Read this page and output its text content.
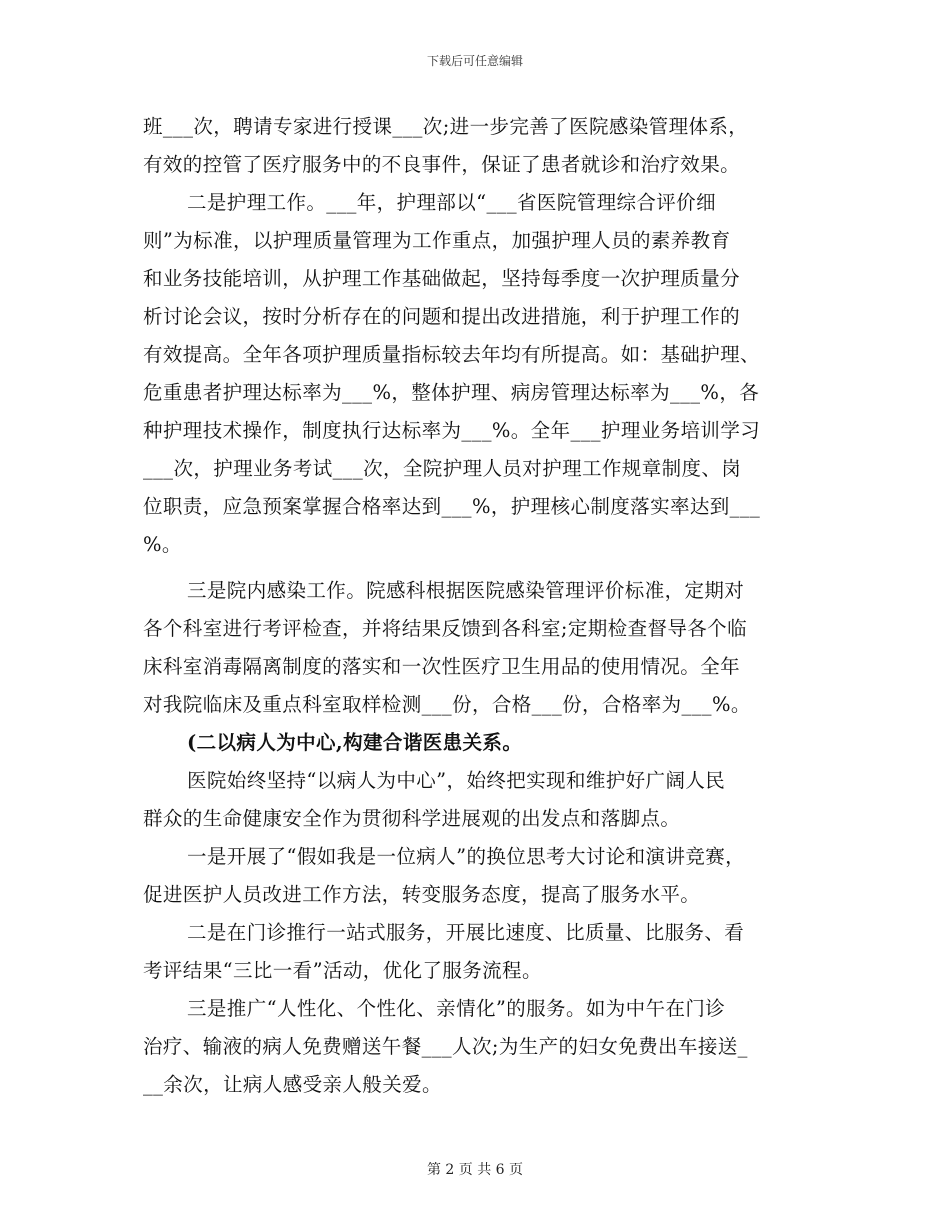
下载后可任意编辑
班___次，聘请专家进行授课___次;进一步完善了医院感染管理体系，
有效的控管了医疗服务中的不良事件，保证了患者就诊和治疗效果。
二是护理工作。___年，护理部以“___省医院管理综合评价细
则”为标准，以护理质量管理为工作重点，加强护理人员的素养教育
和业务技能培训，从护理工作基础做起，坚持每季度一次护理质量分
析讨论会议，按时分析存在的问题和提出改进措施，利于护理工作的
有效提高。全年各项护理质量指标较去年均有所提高。如：基础护理、
危重患者护理达标率为___%，整体护理、病房管理达标率为___%，各
种护理技术操作，制度执行达标率为___%。全年___护理业务培训学习
___次，护理业务考试___次，全院护理人员对护理工作规章制度、岗
位职责，应急预案掌握合格率达到___%，护理核心制度落实率达到___
%。
三是院内感染工作。院感科根据医院感染管理评价标准，定期对
各个科室进行考评检查，并将结果反馈到各科室;定期检查督导各个临
床科室消毒隔离制度的落实和一次性医疗卫生用品的使用情况。全年
对我院临床及重点科室取样检测___份，合格___份，合格率为___%。
(二以病人为中心,构建合谐医患关系。
医院始终坚持“以病人为中心”，始终把实现和维护好广阔人民
群众的生命健康安全作为贯彻科学进展观的出发点和落脚点。
一是开展了“假如我是一位病人”的换位思考大讨论和演讲竞赛，
促进医护人员改进工作方法，转变服务态度，提高了服务水平。
二是在门诊推行一站式服务，开展比速度、比质量、比服务、看
考评结果“三比一看”活动，优化了服务流程。
三是推广“人性化、个性化、亲情化”的服务。如为中午在门诊
治疗、输液的病人免费赠送午餐___人次;为生产的妇女免费出车接送_
__余次，让病人感受亲人般关爱。
第 2 页 共 6 页
